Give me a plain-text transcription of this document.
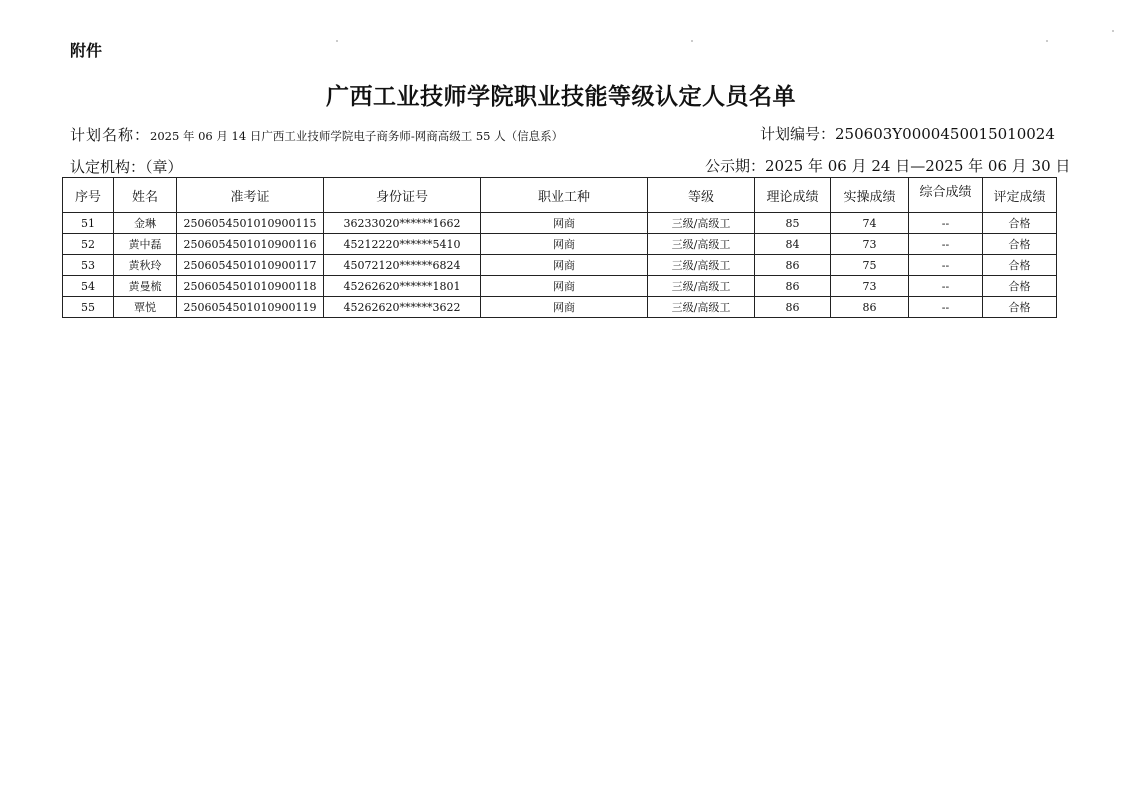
附件
广西工业技师学院职业技能等级认定人员名单
计划名称：2025 年 06 月 14 日广西工业技师学院电子商务师-网商高级工 55 人（信息系）	计划编号：250603Y0000450015010024
认定机构：（章）	公示期：2025 年 06 月 24 日—2025 年 06 月 30 日
序号	姓名	准考证	身份证号	职业工种	等级	理论成绩	实操成绩	综合成绩	评定成绩
51	金琳	2506054501010900115	36233020******1662	网商	三级/高级工	85	74	--	合格
52	黄中磊	2506054501010900116	45212220******5410	网商	三级/高级工	84	73	--	合格
53	黄秋玲	2506054501010900117	45072120******6824	网商	三级/高级工	86	75	--	合格
54	黄曼梳	2506054501010900118	45262620******1801	网商	三级/高级工	86	73	--	合格
55	覃悦	2506054501010900119	45262620******3622	网商	三级/高级工	86	86	--	合格
